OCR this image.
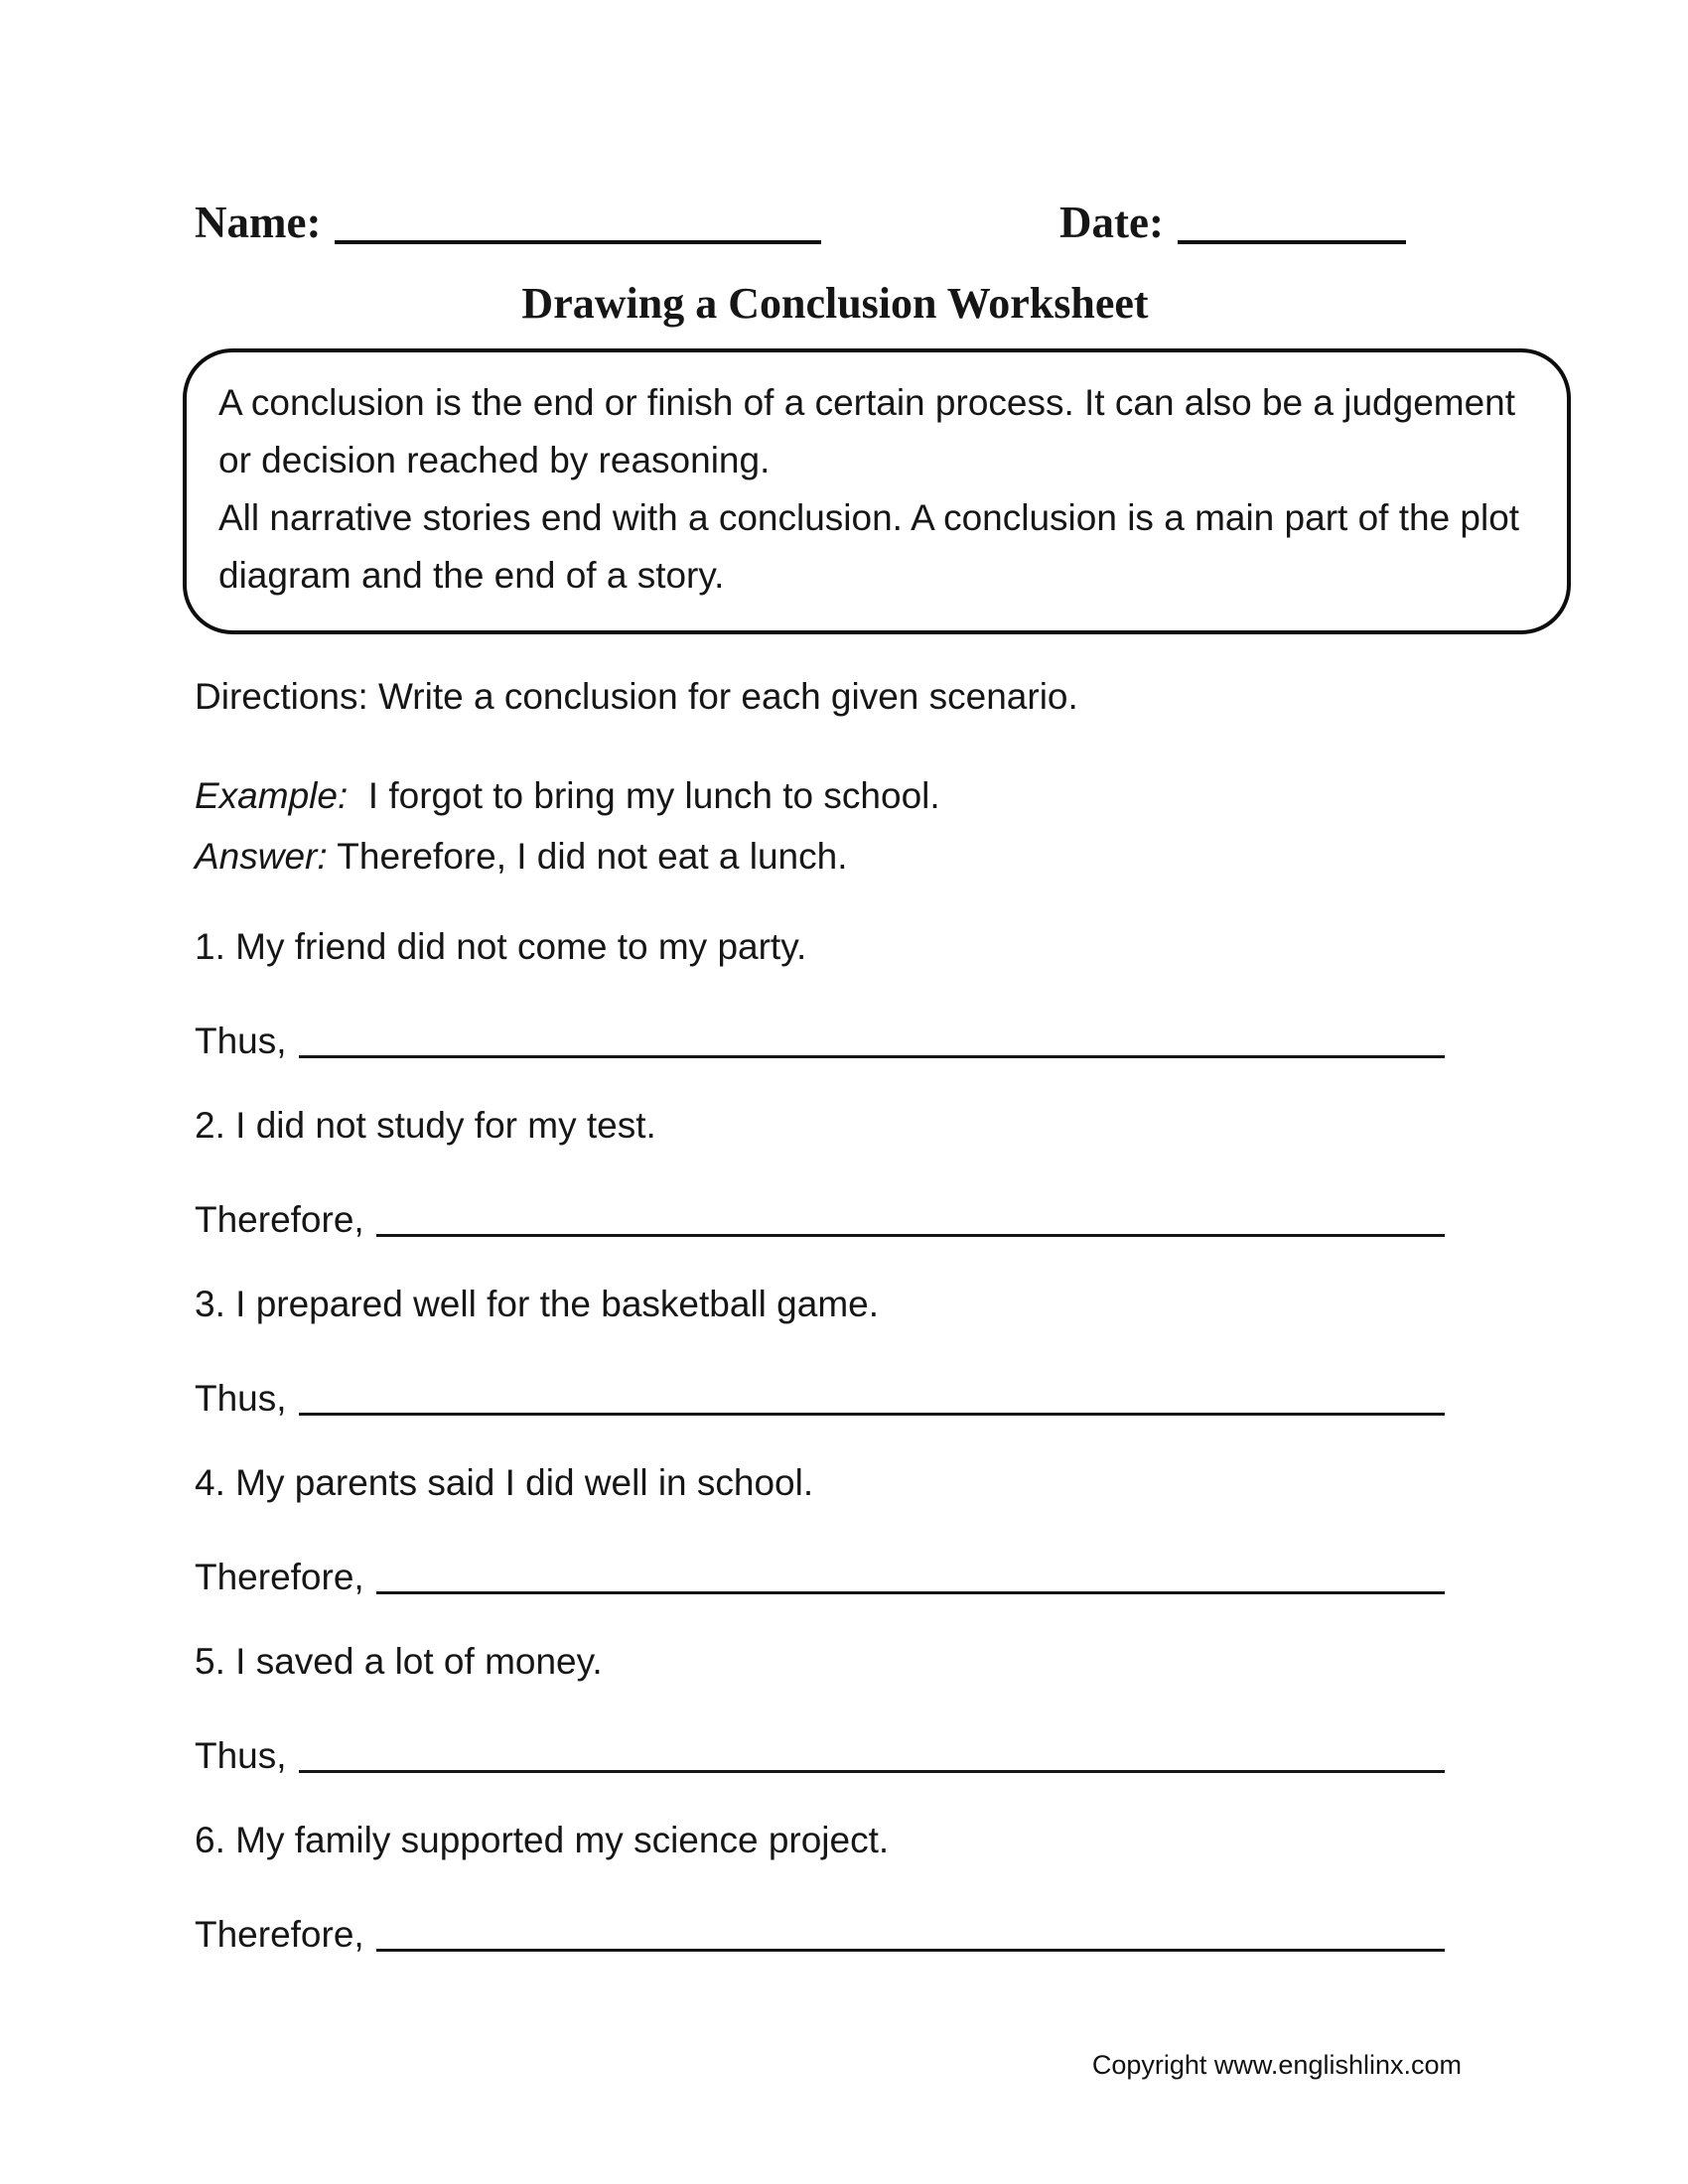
Name:	Date:
Drawing a Conclusion Worksheet
A conclusion is the end or finish of a certain process. It can also be a judgement or decision reached by reasoning.
All narrative stories end with a conclusion. A conclusion is a main part of the plot diagram and the end of a story.
Directions: Write a conclusion for each given scenario.
Example: I forgot to bring my lunch to school.
Answer: Therefore, I did not eat a lunch.
1. My friend did not come to my party.
Thus,
2. I did not study for my test.
Therefore,
3. I prepared well for the basketball game.
Thus,
4. My parents said I did well in school.
Therefore,
5. I saved a lot of money.
Thus,
6. My family supported my science project.
Therefore,
Copyright www.englishlinx.com
